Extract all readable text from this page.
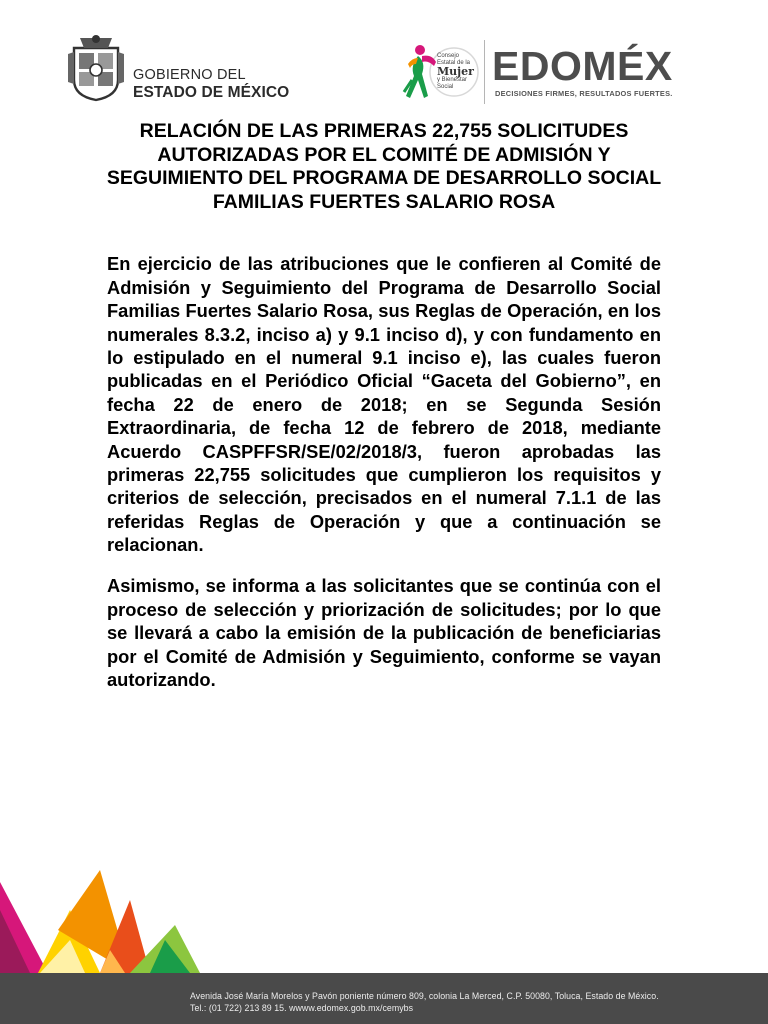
GOBIERNO DEL
ESTADO DE MÉXICO
Consejo
Estatal de la
Mujer
y Bienestar
Social EDOMÉX
DECISIONES FIRMES, RESULTADOS FUERTES.
RELACIÓN DE LAS PRIMERAS 22,755 SOLICITUDES AUTORIZADAS POR EL COMITÉ DE ADMISIÓN Y SEGUIMIENTO DEL PROGRAMA DE DESARROLLO SOCIAL FAMILIAS FUERTES SALARIO ROSA

En ejercicio de las atribuciones que le confieren al Comité de Admisión y Seguimiento del Programa de Desarrollo Social Familias Fuertes Salario Rosa, sus Reglas de Operación, en los numerales 8.3.2, inciso a) y 9.1 inciso d), y con fundamento en lo estipulado en el numeral 9.1 inciso e), las cuales fueron publicadas en el Periódico Oficial “Gaceta del Gobierno”, en fecha 22 de enero de 2018; en se Segunda Sesión Extraordinaria, de fecha 12 de febrero de 2018, mediante Acuerdo CASPFFSR/SE/02/2018/3, fueron aprobadas las primeras 22,755 solicitudes que cumplieron los requisitos y criterios de selección, precisados en el numeral 7.1.1 de las referidas Reglas de Operación y que a continuación se relacionan.

Asimismo, se informa a las solicitantes que se continúa con el proceso de selección y priorización de solicitudes; por lo que se llevará a cabo la emisión de la publicación de beneficiarias por el Comité de Admisión y Seguimiento, conforme se vayan autorizando.

Avenida José María Morelos y Pavón poniente número 809, colonia La Merced, C.P. 50080, Toluca, Estado de México.
Tel.: (01 722) 213 89 15. wwww.edomex.gob.mx/cemybs
